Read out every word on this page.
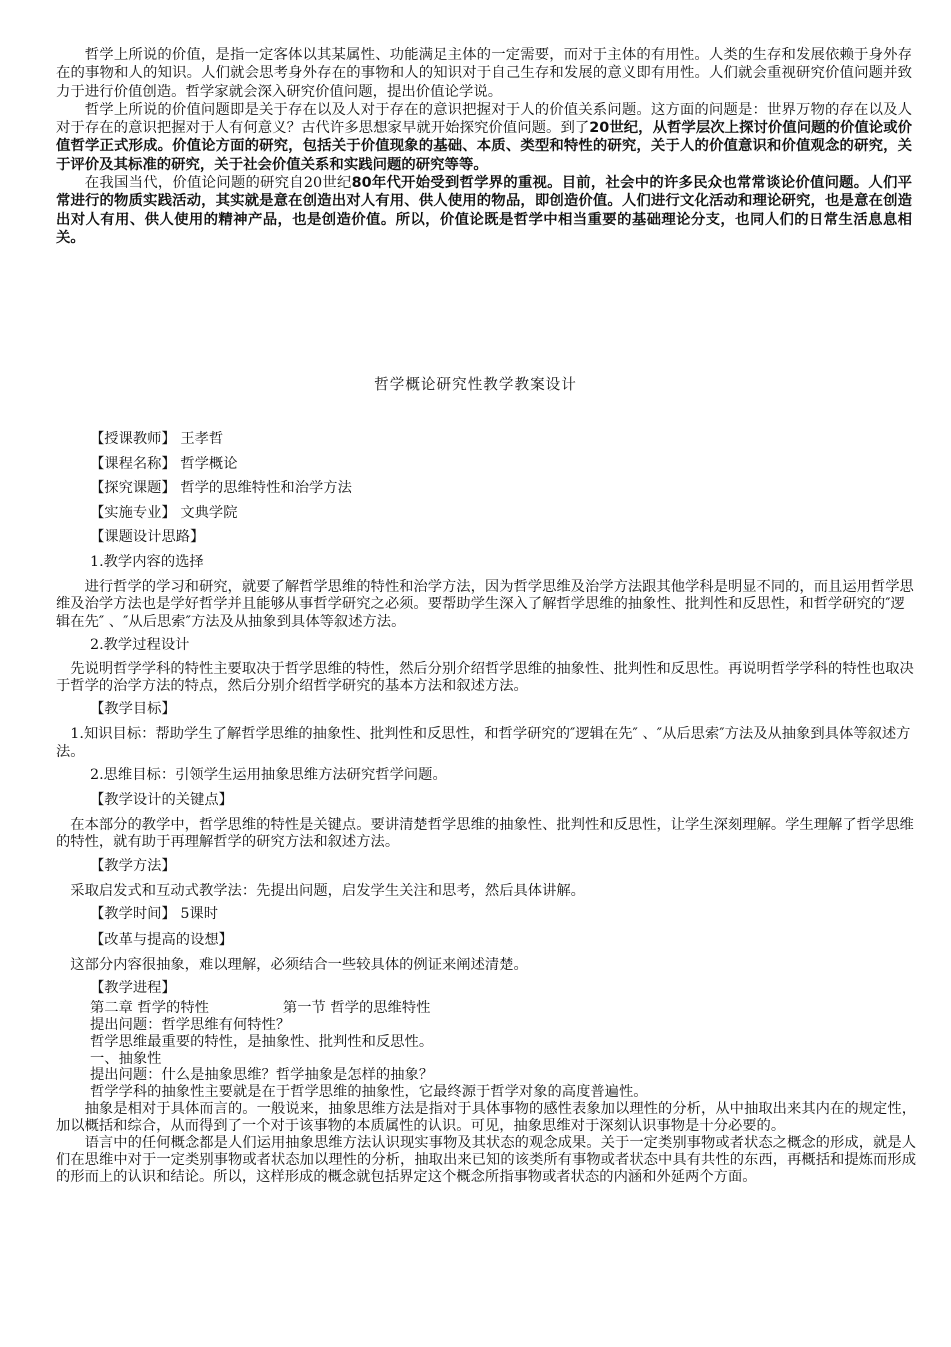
哲学上所说的价值，是指一定客体以其某属性、功能满足主体的一定需要，而对于主体的有用性。人类的生存和发展依赖于身外存在的事物和人的知识。人们就会思考身外存在的事物和人的知识对于自己生存和发展的意义即有用性。人们就会重视研究价值问题并致力于进行价值创造。哲学家就会深入研究价值问题，提出价值论学说。

哲学上所说的价值问题即是关于存在以及人对于存在的意识把握对于人的价值关系问题。这方面的问题是：世界万物的存在以及人对于存在的意识把握对于人有何意义？古代许多思想家早就开始探究价值问题。到了20世纪，从哲学层次上探讨价值问题的价值论或价值哲学正式形成。价值论方面的研究，包括关于价值现象的基础、本质、类型和特性的研究，关于人的价值意识和价值观念的研究，关于评价及其标准的研究，关于社会价值关系和实践问题的研究等等。

在我国当代，价值论问题的研究自20世纪80年代开始受到哲学界的重视。目前，社会中的许多民众也常常谈论价值问题。人们平常进行的物质实践活动，其实就是意在创造出对人有用、供人使用的物品，即创造价值。人们进行文化活动和理论研究，也是意在创造出对人有用、供人使用的精神产品，也是创造价值。所以，价值论既是哲学中相当重要的基础理论分支，也同人们的日常生活息息相关。

哲学概论研究性教学教案设计
【授课教师】 王孝哲
【课程名称】 哲学概论
【探究课题】 哲学的思维特性和治学方法
【实施专业】 文典学院
【课题设计思路】
1.教学内容的选择
进行哲学的学习和研究，就要了解哲学思维的特性和治学方法，因为哲学思维及治学方法跟其他学科是明显不同的，而且运用哲学思维及治学方法也是学好哲学并且能够从事哲学研究之必须。要帮助学生深入了解哲学思维的抽象性、批判性和反思性，和哲学研究的″逻辑在先″ 、″从后思索″方法及从抽象到具体等叙述方法。
2.教学过程设计
先说明哲学学科的特性主要取决于哲学思维的特性，然后分别介绍哲学思维的抽象性、批判性和反思性。再说明哲学学科的特性也取决于哲学的治学方法的特点，然后分别介绍哲学研究的基本方法和叙述方法。
【教学目标】
1.知识目标：帮助学生了解哲学思维的抽象性、批判性和反思性，和哲学研究的″逻辑在先″ 、″从后思索″方法及从抽象到具体等叙述方法。
2.思维目标：引领学生运用抽象思维方法研究哲学问题。
【教学设计的关键点】
在本部分的教学中，哲学思维的特性是关键点。要讲清楚哲学思维的抽象性、批判性和反思性，让学生深刻理解。学生理解了哲学思维的特性，就有助于再理解哲学的研究方法和叙述方法。
【教学方法】
采取启发式和互动式教学法：先提出问题，启发学生关注和思考，然后具体讲解。
【教学时间】 5课时
【改革与提高的设想】
这部分内容很抽象，难以理解，必须结合一些较具体的例证来阐述清楚。
【教学进程】
第二章 哲学的特性	第一节 哲学的思维特性
提出问题：哲学思维有何特性？
哲学思维最重要的特性，是抽象性、批判性和反思性。
一、抽象性
提出问题：什么是抽象思维？哲学抽象是怎样的抽象？
哲学学科的抽象性主要就是在于哲学思维的抽象性，它最终源于哲学对象的高度普遍性。
抽象是相对于具体而言的。一般说来，抽象思维方法是指对于具体事物的感性表象加以理性的分析，从中抽取出来其内在的规定性，加以概括和综合，从而得到了一个对于该事物的本质属性的认识。可见，抽象思维对于深刻认识事物是十分必要的。
语言中的任何概念都是人们运用抽象思维方法认识现实事物及其状态的观念成果。关于一定类别事物或者状态之概念的形成，就是人们在思维中对于一定类别事物或者状态加以理性的分析，抽取出来已知的该类所有事物或者状态中具有共性的东西，再概括和提炼而形成的形而上的认识和结论。所以，这样形成的概念就包括界定这个概念所指事物或者状态的内涵和外延两个方面。
